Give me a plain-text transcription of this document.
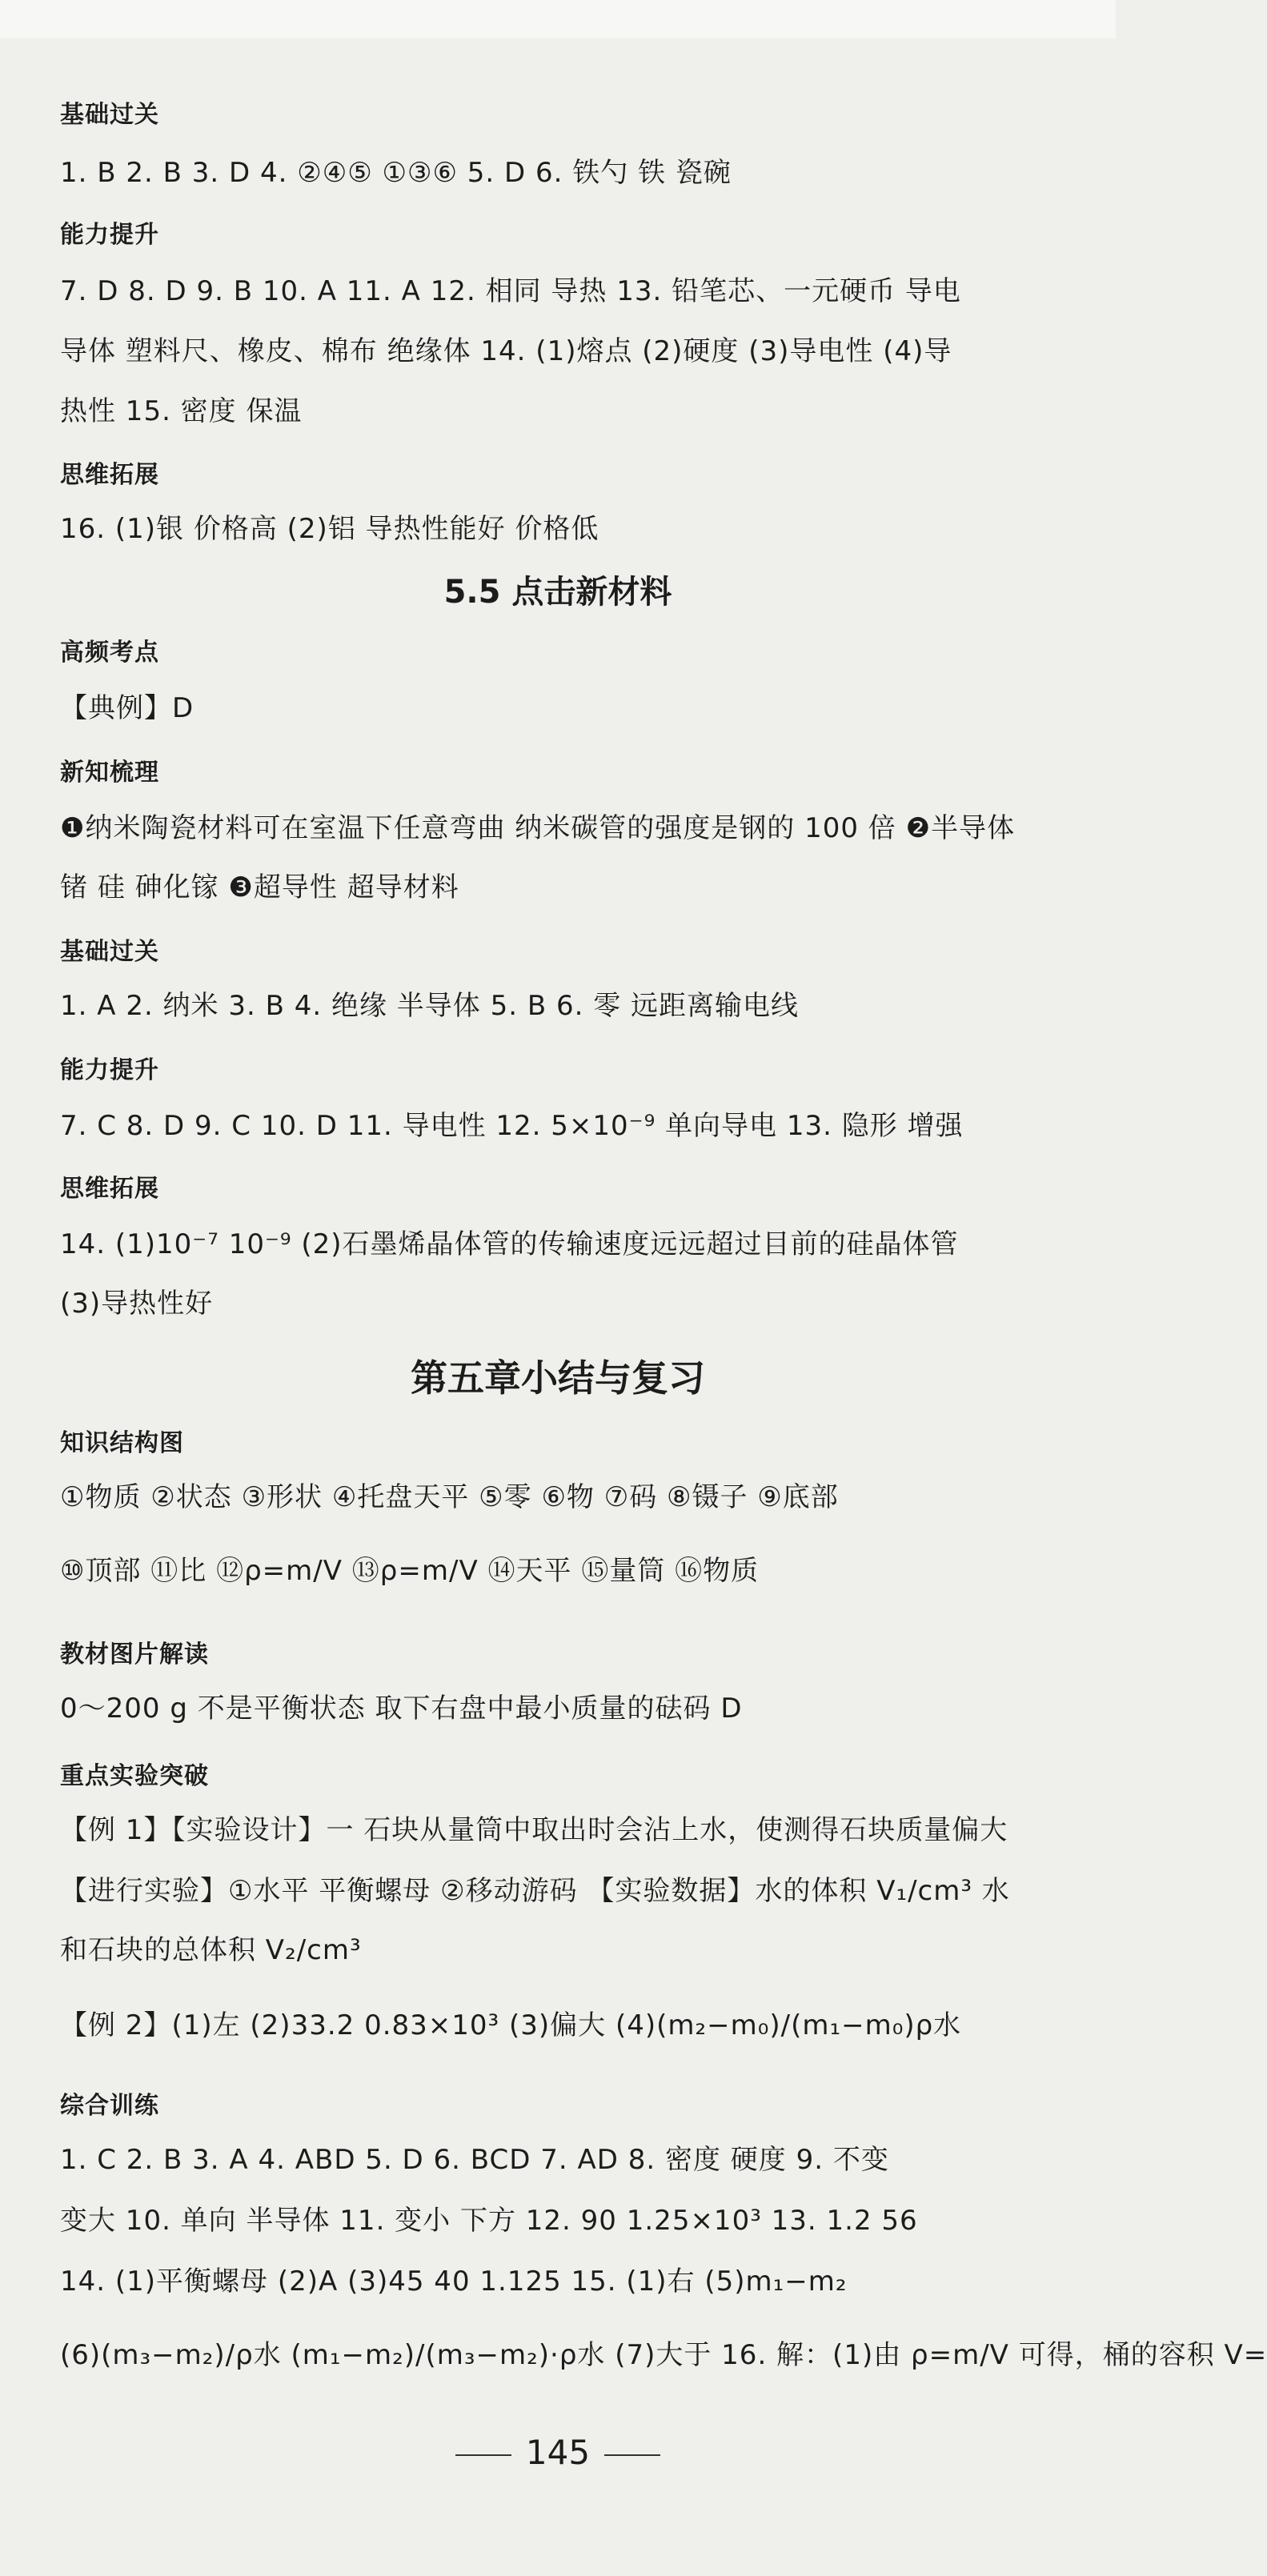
基础过关
1. B 2. B 3. D 4. ②④⑤ ①③⑥ 5. D 6. 铁勺 铁 瓷碗
能力提升
7. D 8. D 9. B 10. A 11. A 12. 相同 导热 13. 铅笔芯、一元硬币 导电
导体 塑料尺、橡皮、棉布 绝缘体 14. (1)熔点 (2)硬度 (3)导电性 (4)导
热性 15. 密度 保温
思维拓展
16. (1)银 价格高 (2)铝 导热性能好 价格低
5.5 点击新材料
高频考点
【典例】D
新知梳理
❶纳米陶瓷材料可在室温下任意弯曲 纳米碳管的强度是钢的 100 倍 ❷半导体
锗 硅 砷化镓 ❸超导性 超导材料
基础过关
1. A 2. 纳米 3. B 4. 绝缘 半导体 5. B 6. 零 远距离输电线
能力提升
7. C 8. D 9. C 10. D 11. 导电性 12. 5×10⁻⁹ 单向导电 13. 隐形 增强
思维拓展
14. (1)10⁻⁷ 10⁻⁹ (2)石墨烯晶体管的传输速度远远超过目前的硅晶体管
(3)导热性好
第五章小结与复习
知识结构图
①物质 ②状态 ③形状 ④托盘天平 ⑤零 ⑥物 ⑦码 ⑧镊子 ⑨底部
⑩顶部 ⑪比 ⑫ρ=m/V ⑬ρ=m/V ⑭天平 ⑮量筒 ⑯物质
教材图片解读
0～200 g 不是平衡状态 取下右盘中最小质量的砝码 D
重点实验突破
【例 1】【实验设计】一 石块从量筒中取出时会沾上水，使测得石块质量偏大
【进行实验】①水平 平衡螺母 ②移动游码 【实验数据】水的体积 V₁/cm³ 水
和石块的总体积 V₂/cm³
【例 2】(1)左 (2)33.2 0.83×10³ (3)偏大 (4)(m₂−m₀)/(m₁−m₀)ρ水
综合训练
1. C 2. B 3. A 4. ABD 5. D 6. BCD 7. AD 8. 密度 硬度 9. 不变
变大 10. 单向 半导体 11. 变小 下方 12. 90 1.25×10³ 13. 1.2 56
14. (1)平衡螺母 (2)A (3)45 40 1.125 15. (1)右 (5)m₁−m₂
(6)(m₃−m₂)/ρ水 (m₁−m₂)/(m₃−m₂)·ρ水 (7)大于 16. 解：(1)由 ρ=m/V 可得，桶的容积 V=
145
